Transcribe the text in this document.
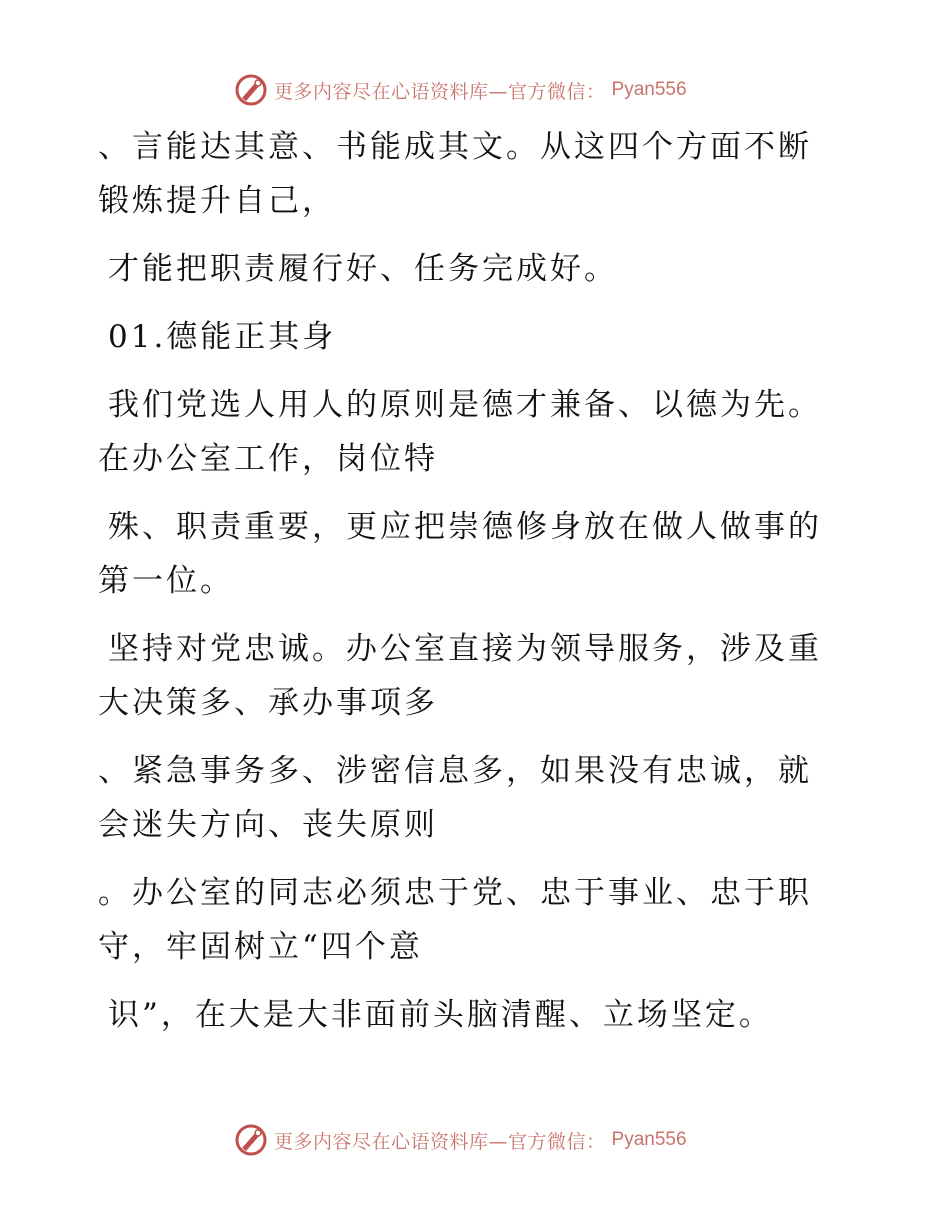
更多内容尽在心语资料库—官方微信： Pyan556

、言能达其意、书能成其文。从这四个方面不断
锻炼提升自己，

才能把职责履行好、任务完成好。

01.德能正其身

我们党选人用人的原则是德才兼备、以德为先。
在办公室工作，岗位特

殊、职责重要，更应把崇德修身放在做人做事的
第一位。

坚持对党忠诚。办公室直接为领导服务，涉及重
大决策多、承办事项多

、紧急事务多、涉密信息多，如果没有忠诚，就
会迷失方向、丧失原则

。办公室的同志必须忠于党、忠于事业、忠于职
守，牢固树立“四个意

识”，在大是大非面前头脑清醒、立场坚定。

更多内容尽在心语资料库—官方微信： Pyan556
